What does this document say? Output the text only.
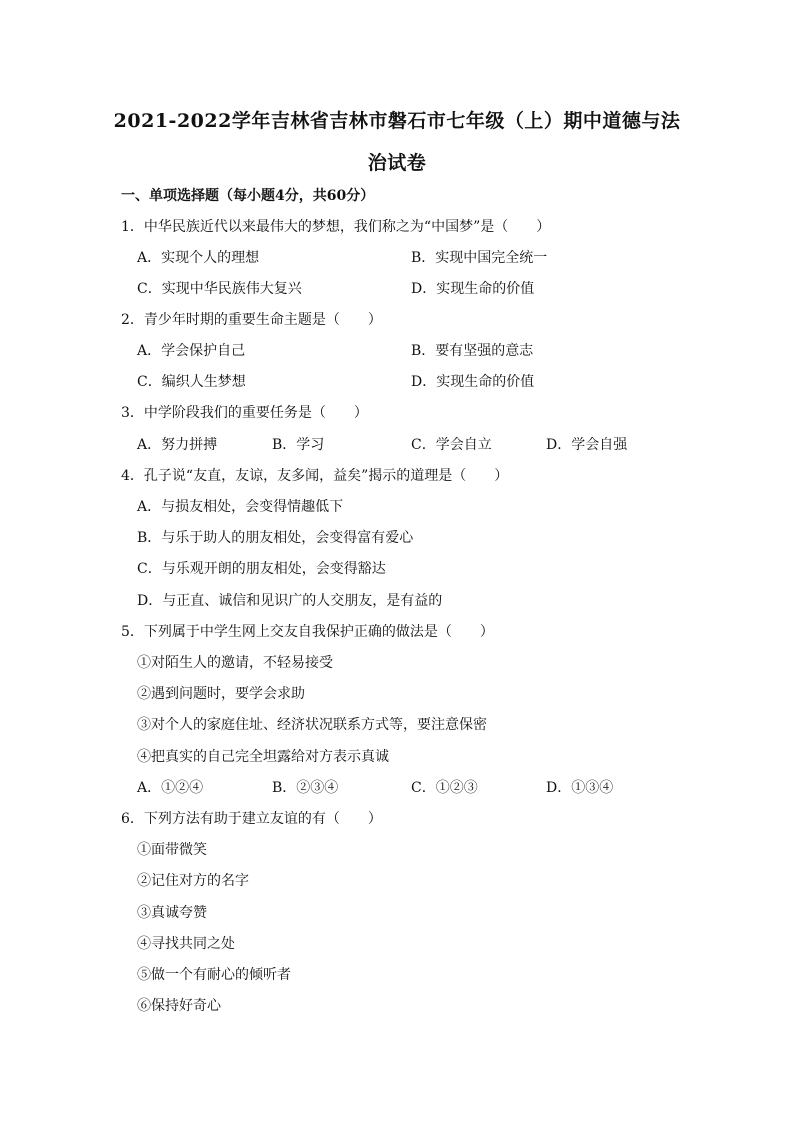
2021-2022学年吉林省吉林市磐石市七年级（上）期中道德与法
治试卷
一、单项选择题（每小题4分，共60分）
1．中华民族近代以来最伟大的梦想，我们称之为“中国梦”是（　　）
A．实现个人的理想	B．实现中国完全统一
C．实现中华民族伟大复兴	D．实现生命的价值
2．青少年时期的重要生命主题是（　　）
A．学会保护自己	B．要有坚强的意志
C．编织人生梦想	D．实现生命的价值
3．中学阶段我们的重要任务是（　　）
A．努力拼搏	B．学习	C．学会自立	D．学会自强
4．孔子说“友直，友谅，友多闻，益矣”揭示的道理是（　　）
A．与损友相处，会变得情趣低下
B．与乐于助人的朋友相处，会变得富有爱心
C．与乐观开朗的朋友相处，会变得豁达
D．与正直、诚信和见识广的人交朋友，是有益的
5．下列属于中学生网上交友自我保护正确的做法是（　　）
①对陌生人的邀请，不轻易接受
②遇到问题时，要学会求助
③对个人的家庭住址、经济状况联系方式等，要注意保密
④把真实的自己完全坦露给对方表示真诚
A．①②④	B．②③④	C．①②③	D．①③④
6．下列方法有助于建立友谊的有（　　）
①面带微笑
②记住对方的名字
③真诚夸赞
④寻找共同之处
⑤做一个有耐心的倾听者
⑥保持好奇心
